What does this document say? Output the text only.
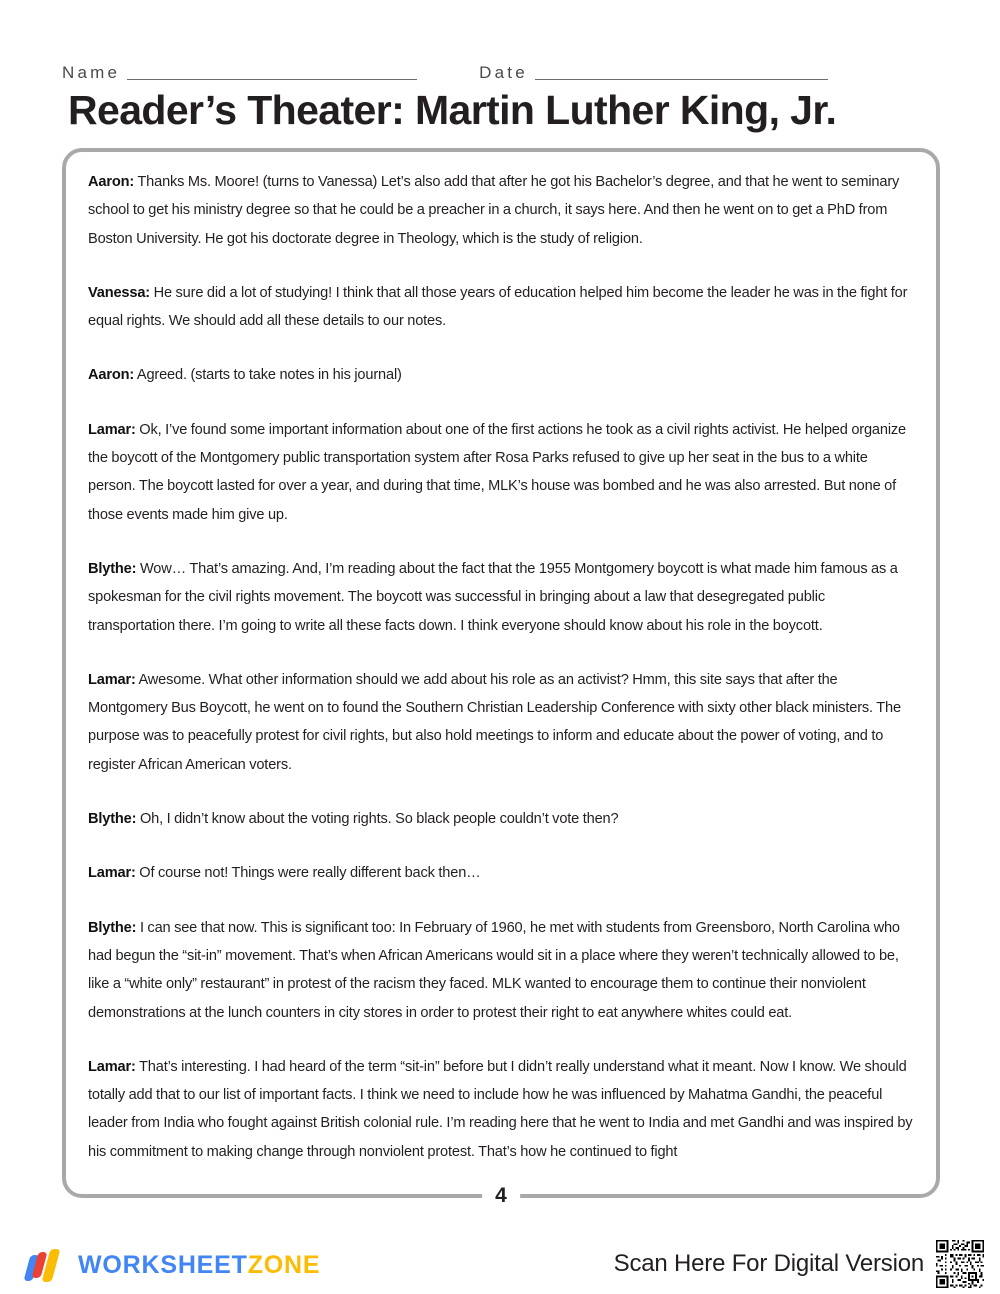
Name	Date
Reader’s Theater: Martin Luther King, Jr.

Aaron: Thanks Ms. Moore! (turns to Vanessa) Let’s also add that after he got his Bachelor’s degree, and that he went to seminary school to get his ministry degree so that he could be a preacher in a church, it says here. And then he went on to get a PhD from Boston University. He got his doctorate degree in Theology, which is the study of religion.

Vanessa: He sure did a lot of studying! I think that all those years of education helped him become the leader he was in the fight for equal rights. We should add all these details to our notes.

Aaron: Agreed. (starts to take notes in his journal)

Lamar: Ok, I’ve found some important information about one of the first actions he took as a civil rights activist. He helped organize the boycott of the Montgomery public transportation system after Rosa Parks refused to give up her seat in the bus to a white person. The boycott lasted for over a year, and during that time, MLK’s house was bombed and he was also arrested. But none of those events made him give up.

Blythe: Wow… That’s amazing. And, I’m reading about the fact that the 1955 Montgomery boycott is what made him famous as a spokesman for the civil rights movement. The boycott was successful in bringing about a law that desegregated public transportation there. I’m going to write all these facts down. I think everyone should know about his role in the boycott.

Lamar: Awesome. What other information should we add about his role as an activist? Hmm, this site says that after the Montgomery Bus Boycott, he went on to found the Southern Christian Leadership Conference with sixty other black ministers. The purpose was to peacefully protest for civil rights, but also hold meetings to inform and educate about the power of voting, and to register African American voters.

Blythe: Oh, I didn’t know about the voting rights. So black people couldn’t vote then?

Lamar: Of course not! Things were really different back then…

Blythe: I can see that now. This is significant too: In February of 1960, he met with students from Greensboro, North Carolina who had begun the “sit-in” movement. That’s when African Americans would sit in a place where they weren’t technically allowed to be, like a “white only” restaurant” in protest of the racism they faced. MLK wanted to encourage them to continue their nonviolent demonstrations at the lunch counters in city stores in order to protest their right to eat anywhere whites could eat.

Lamar: That’s interesting. I had heard of the term “sit-in” before but I didn’t really understand what it meant. Now I know. We should totally add that to our list of important facts. I think we need to include how he was influenced by Mahatma Gandhi, the peaceful leader from India who fought against British colonial rule. I’m reading here that he went to India and met Gandhi and was inspired by his commitment to making change through nonviolent protest. That’s how he continued to fight

4
WORKSHEETZONE	Scan Here For Digital Version
